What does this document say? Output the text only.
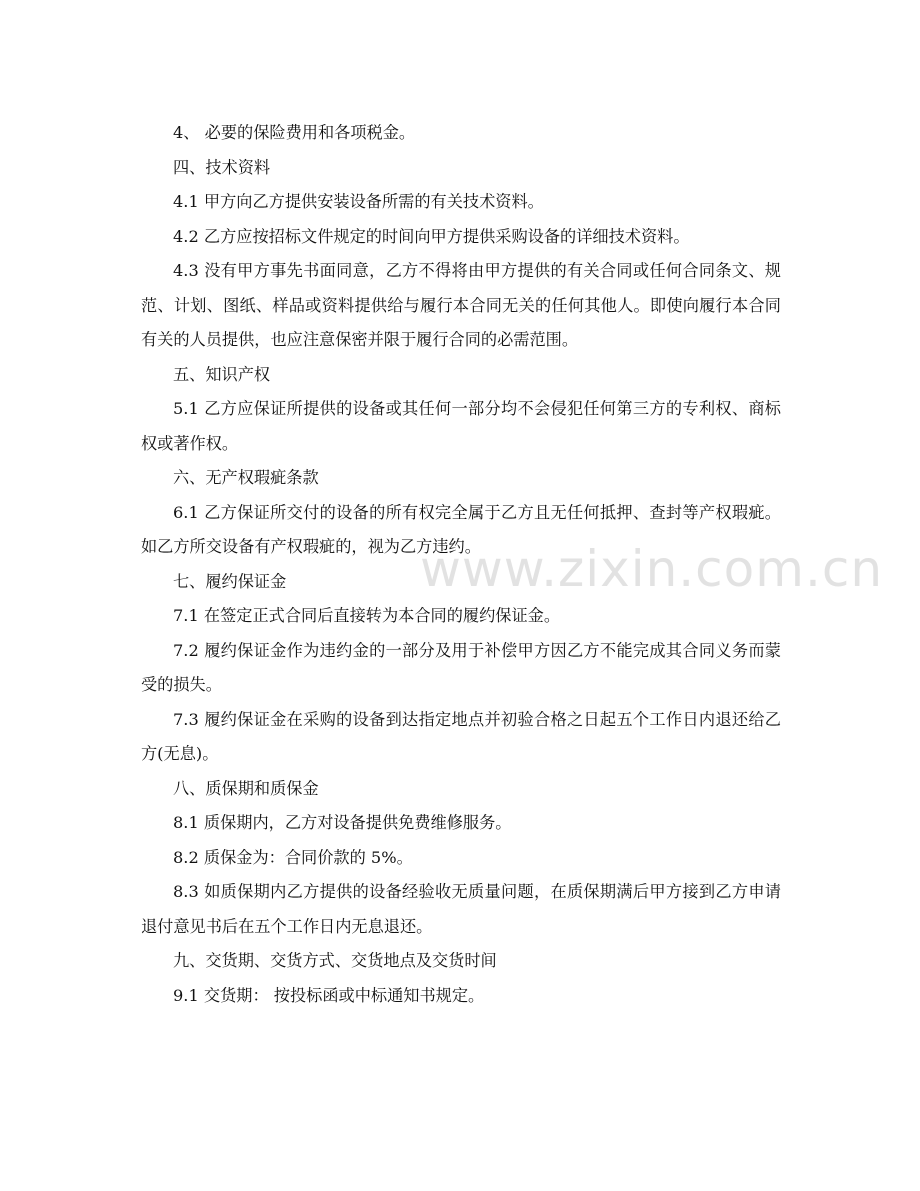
4、 必要的保险费用和各项税金。

四、技术资料

4.1 甲方向乙方提供安装设备所需的有关技术资料。

4.2 乙方应按招标文件规定的时间向甲方提供采购设备的详细技术资料。

4.3 没有甲方事先书面同意，乙方不得将由甲方提供的有关合同或任何合同条文、规范、计划、图纸、样品或资料提供给与履行本合同无关的任何其他人。即使向履行本合同有关的人员提供，也应注意保密并限于履行合同的必需范围。

五、知识产权

5.1 乙方应保证所提供的设备或其任何一部分均不会侵犯任何第三方的专利权、商标权或著作权。

六、无产权瑕疵条款

6.1 乙方保证所交付的设备的所有权完全属于乙方且无任何抵押、查封等产权瑕疵。如乙方所交设备有产权瑕疵的，视为乙方违约。

七、履约保证金

7.1 在签定正式合同后直接转为本合同的履约保证金。

7.2 履约保证金作为违约金的一部分及用于补偿甲方因乙方不能完成其合同义务而蒙受的损失。

7.3 履约保证金在采购的设备到达指定地点并初验合格之日起五个工作日内退还给乙方(无息)。

八、质保期和质保金

8.1 质保期内，乙方对设备提供免费维修服务。

8.2 质保金为：合同价款的 5%。

8.3 如质保期内乙方提供的设备经验收无质量问题，在质保期满后甲方接到乙方申请退付意见书后在五个工作日内无息退还。

九、交货期、交货方式、交货地点及交货时间

9.1 交货期： 按投标函或中标通知书规定。

www.zixin.com.cn
